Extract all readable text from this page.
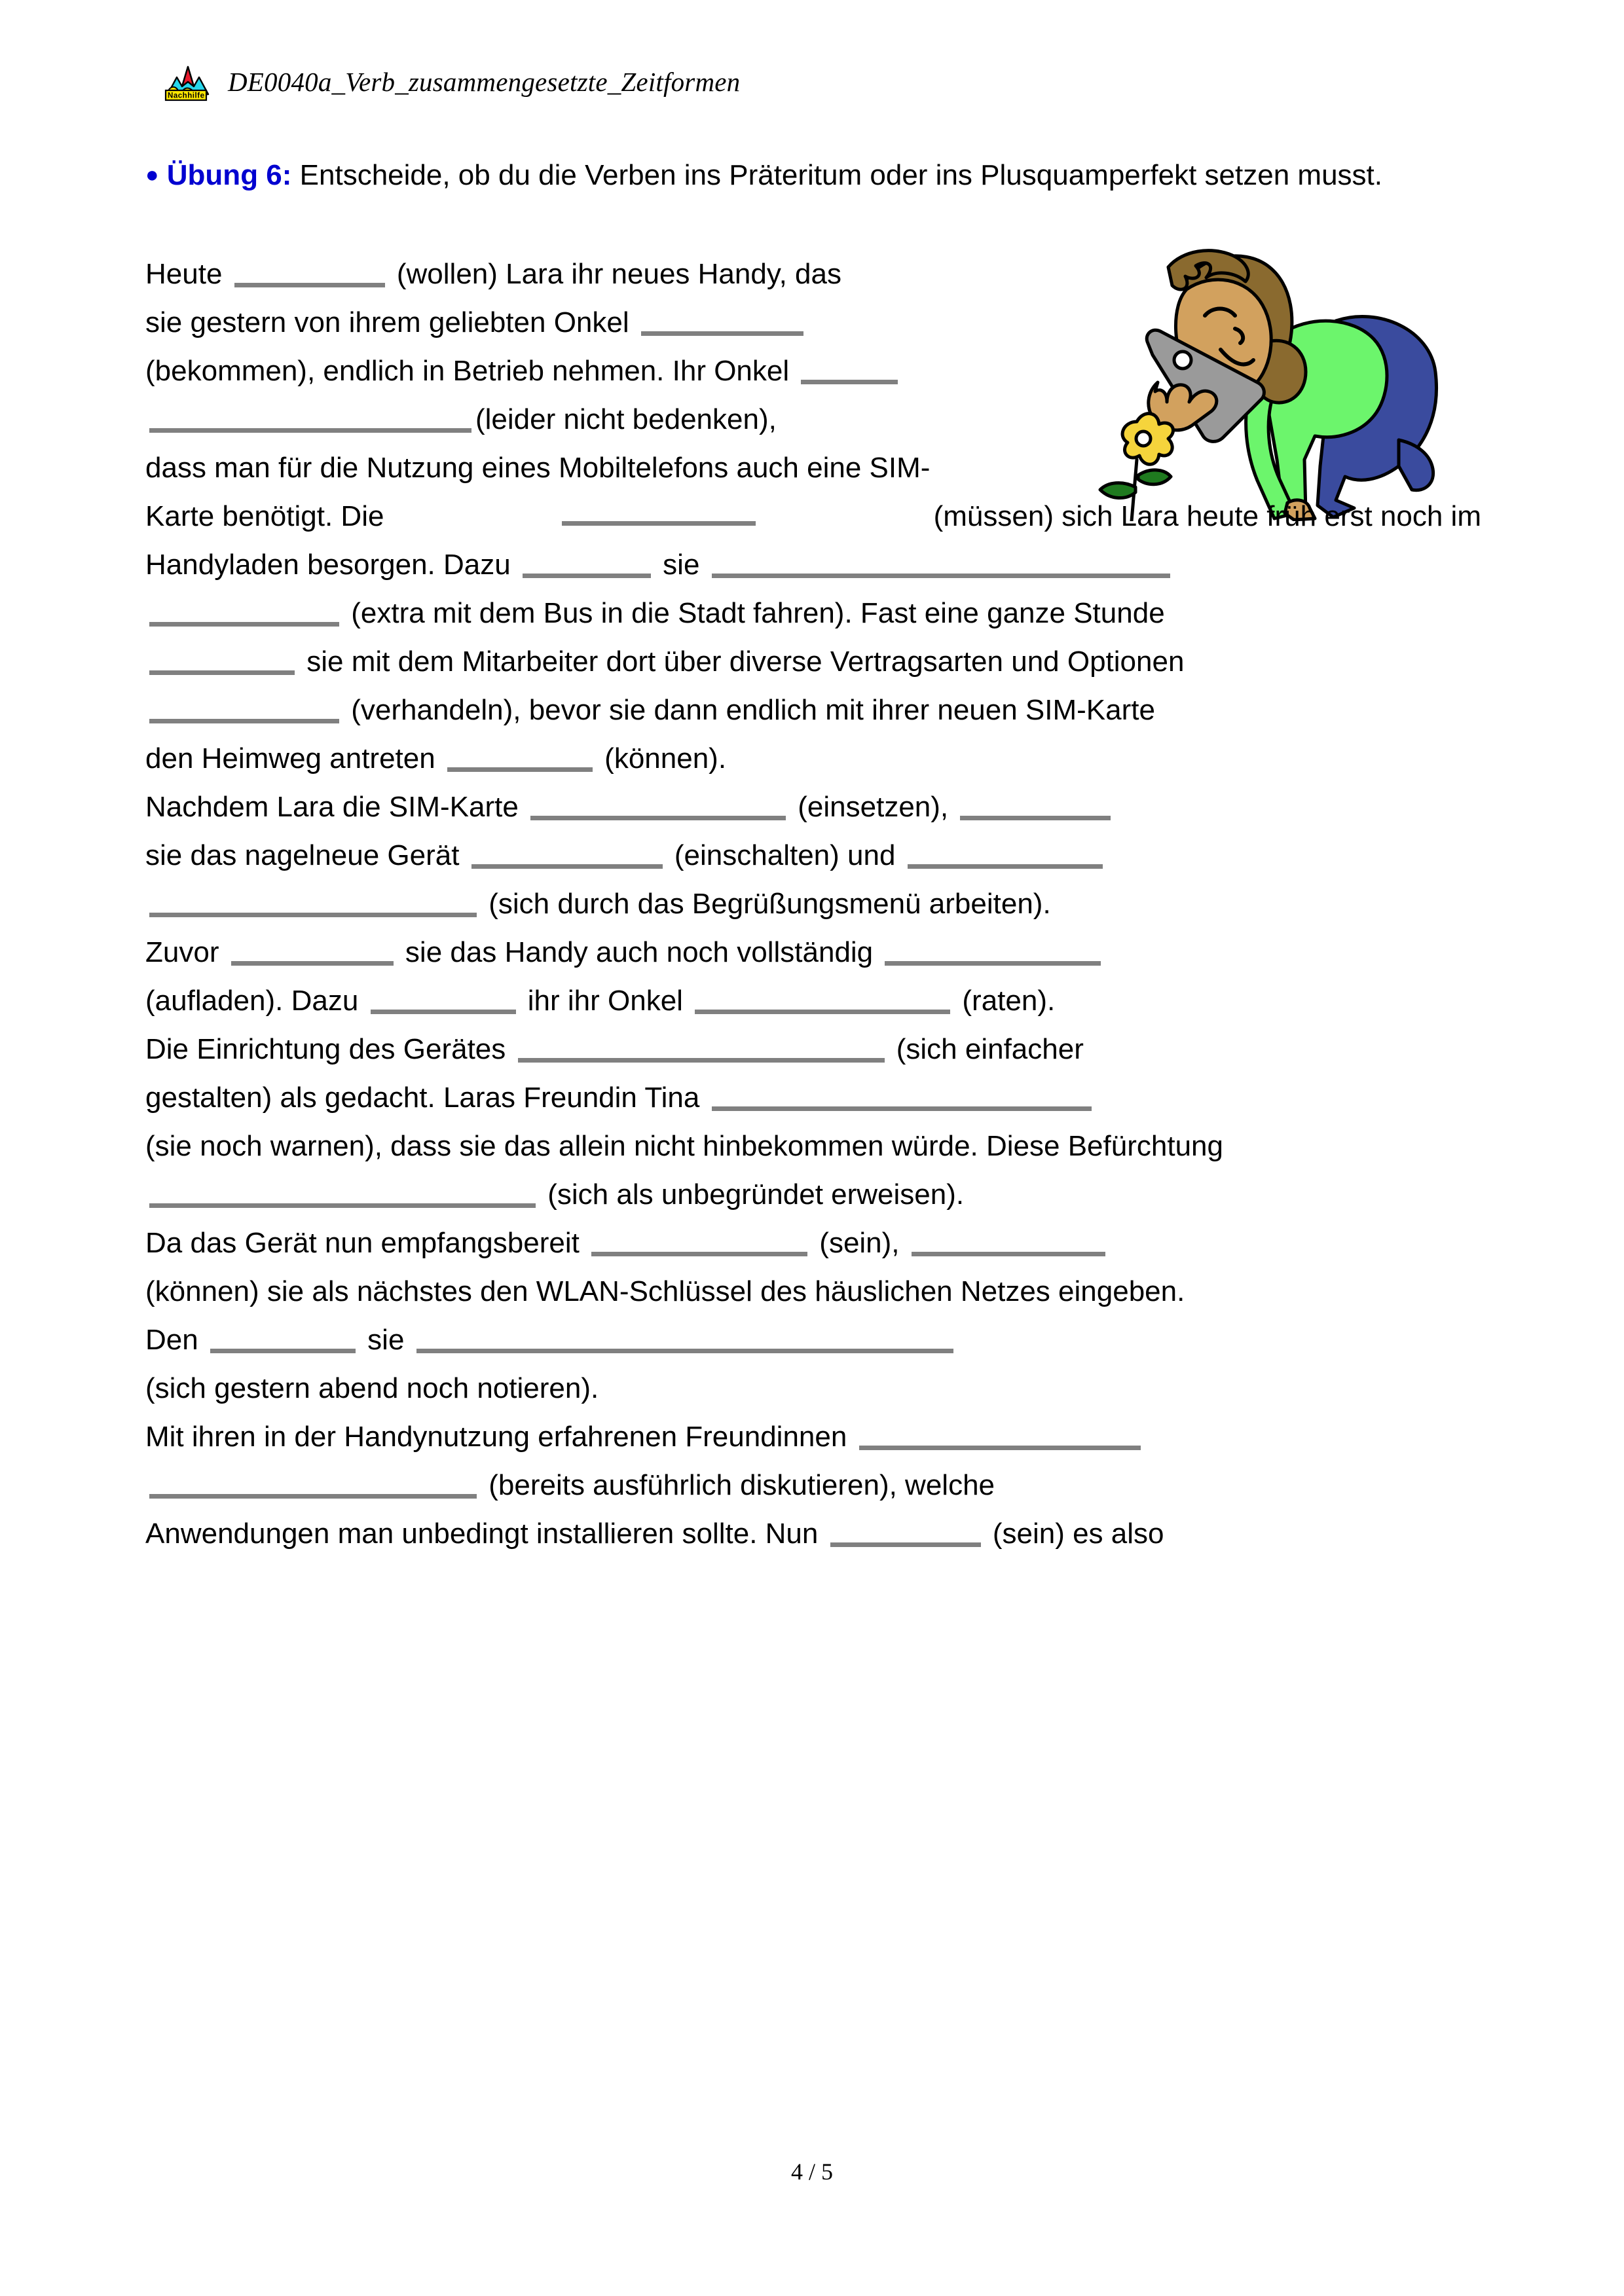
Nachhilfe DE0040a_Verb_zusammengesetzte_Zeitformen
● Übung 6: Entscheide, ob du die Verben ins Präteritum oder ins Plusquamperfekt setzen musst.
Heute	(wollen) Lara ihr neues Handy, das
sie gestern von ihrem geliebten Onkel
(bekommen), endlich in Betrieb nehmen. Ihr Onkel
(leider nicht bedenken),
dass man für die Nutzung eines Mobiltelefons auch eine SIM-
Karte benötigt. Die	(müssen) sich Lara heute früh erst noch im
Handyladen besorgen. Dazu	sie
(extra mit dem Bus in die Stadt fahren). Fast eine ganze Stunde
sie mit dem Mitarbeiter dort über diverse Vertragsarten und Optionen
(verhandeln), bevor sie dann endlich mit ihrer neuen SIM-Karte
den Heimweg antreten	(können).
Nachdem Lara die SIM-Karte	(einsetzen),
sie das nagelneue Gerät	(einschalten) und
(sich durch das Begrüßungsmenü arbeiten).
Zuvor	sie das Handy auch noch vollständig
(aufladen). Dazu	ihr ihr Onkel	(raten).
Die Einrichtung des Gerätes	(sich einfacher
gestalten) als gedacht. Laras Freundin Tina
(sie noch warnen), dass sie das allein nicht hinbekommen würde. Diese Befürchtung
(sich als unbegründet erweisen).
Da das Gerät nun empfangsbereit	(sein),
(können) sie als nächstes den WLAN-Schlüssel des häuslichen Netzes eingeben.
Den	sie
(sich gestern abend noch notieren).
Mit ihren in der Handynutzung erfahrenen Freundinnen
(bereits ausführlich diskutieren), welche
Anwendungen man unbedingt installieren sollte. Nun	(sein) es also
4 / 5
